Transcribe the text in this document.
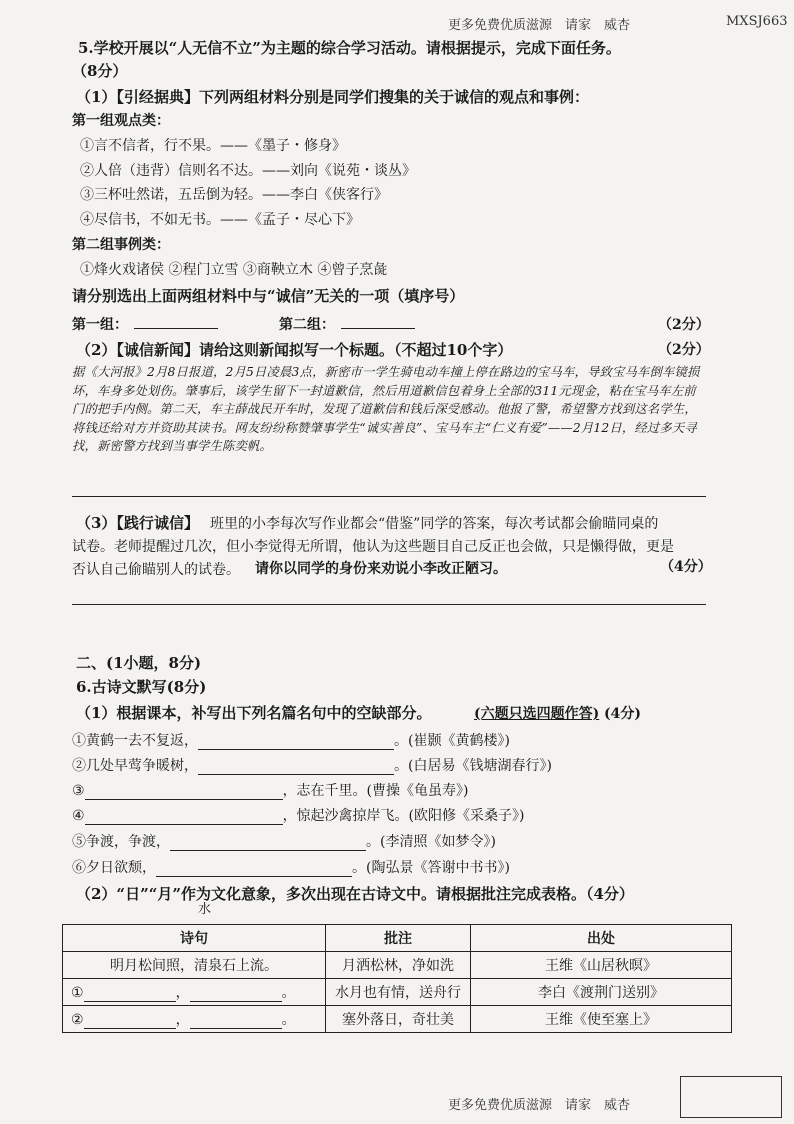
更多免费优质滋源　请家　威杏	MXSJ663
5.学校开展以“人无信不立”为主题的综合学习活动。请根据提示，完成下面任务。
（8分）
（1）【引经据典】下列两组材料分别是同学们搜集的关于诚信的观点和事例：
第一组观点类：
①言不信者，行不果。——《墨子・修身》
②人倍（违背）信则名不达。——刘向《说苑・谈丛》
③三杯吐然诺，五岳倒为轻。——李白《侠客行》
④尽信书，不如无书。——《孟子・尽心下》
第二组事例类：
①烽火戏诸侯 ②程门立雪 ③商鞅立木 ④曾子烹彘
请分别选出上面两组材料中与“诚信”无关的一项（填序号）
第一组：	第二组：	（2分）
（2）【诚信新闻】请给这则新闻拟写一个标题。（不超过10个字）	（2分）
据《大河报》2月8日报道，2月5日凌晨3点，新密市一学生骑电动车撞上停在路边的宝马车，导致宝马车倒车镜损坏，车身多处划伤。肇事后，该学生留下一封道歉信，然后用道歉信包着身上全部的311元现金，粘在宝马车左前门的把手内侧。第二天，车主薛战民开车时，发现了道歉信和钱后深受感动。他报了警，希望警方找到这名学生，将钱还给对方并资助其读书。网友纷纷称赞肇事学生“诚实善良”、宝马车主“仁义有爱”——2月12日，经过多天寻找，新密警方找到当事学生陈奕帆。
（3）【践行诚信】 班里的小李每次写作业都会“借鉴”同学的答案，每次考试都会偷瞄同桌的
试卷。老师提醒过几次，但小李觉得无所谓，他认为这些题目自己反正也会做，只是懒得做，更是
否认自己偷瞄别人的试卷。 请你以同学的身份来劝说小李改正陋习。	（4分）
二、(1小题，8分)
6.古诗文默写(8分)
（1）根据课本，补写出下列名篇名句中的空缺部分。	(六题只选四题作答) (4分)
①黄鹤一去不复返，	。(崔颢《黄鹤楼》)
②几处早莺争暖树，	。(白居易《钱塘湖春行》)
③	，志在千里。(曹操《龟虽寿》)
④	，惊起沙禽掠岸飞。(欧阳修《采桑子》)
⑤争渡，争渡，	。(李清照《如梦令》)
⑥夕日欲颓，	。(陶弘景《答谢中书书》)
（2）“日”“月”作为文化意象，多次出现在古诗文中。请根据批注完成表格。（4分）
水
诗句	批注	出处
明月松间照，清泉石上流。	月洒松林，净如洗	王维《山居秋暝》
① ， 。	水月也有情，送舟行	李白《渡荆门送别》
② ， 。	塞外落日，奇壮美	王维《使至塞上》
更多免费优质滋源　请家　威杏
